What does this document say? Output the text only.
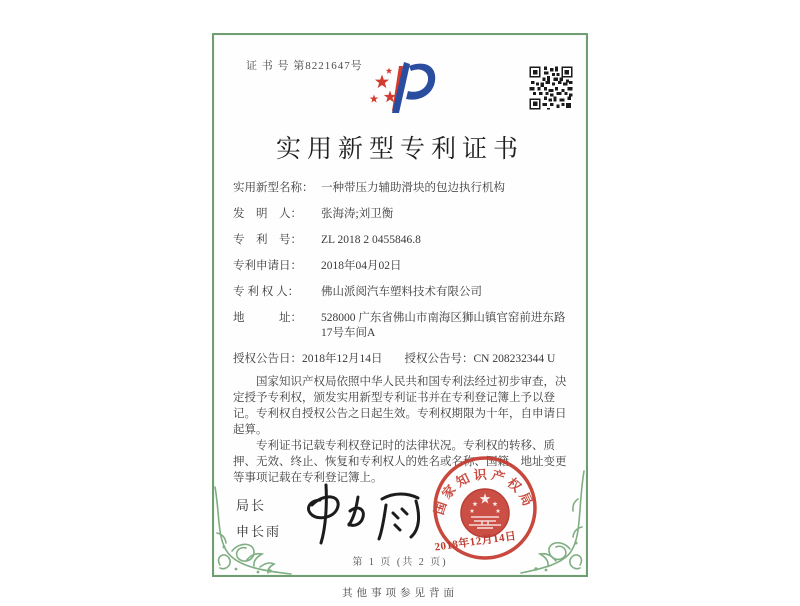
证 书 号 第8221647号
实用新型专利证书
实用新型名称： 一种带压力辅助滑块的包边执行机构
发　明　人：	张海涛;刘卫衡
专　利　号：	ZL 2018 2 0455846.8
专利申请日：	2018年04月02日
专 利 权 人：	佛山派阅汽车塑料技术有限公司
地　　　址：	528000 广东省佛山市南海区狮山镇官窑前进东路17号车间A
授权公告日：2018年12月14日 授权公告号：CN 208232344 U

国家知识产权局依照中华人民共和国专利法经过初步审查，决定授予专利权，颁发实用新型专利证书并在专利登记簿上予以登记。专利权自授权公告之日起生效。专利权期限为十年，自申请日起算。

专利证书记载专利权登记时的法律状况。专利权的转移、质押、无效、终止、恢复和专利权人的姓名或名称、国籍、地址变更等事项记载在专利登记簿上。

局长
申长雨
国家知识产权局
2018年12月14日
第 1 页 (共 2 页)
其他事项参见背面
